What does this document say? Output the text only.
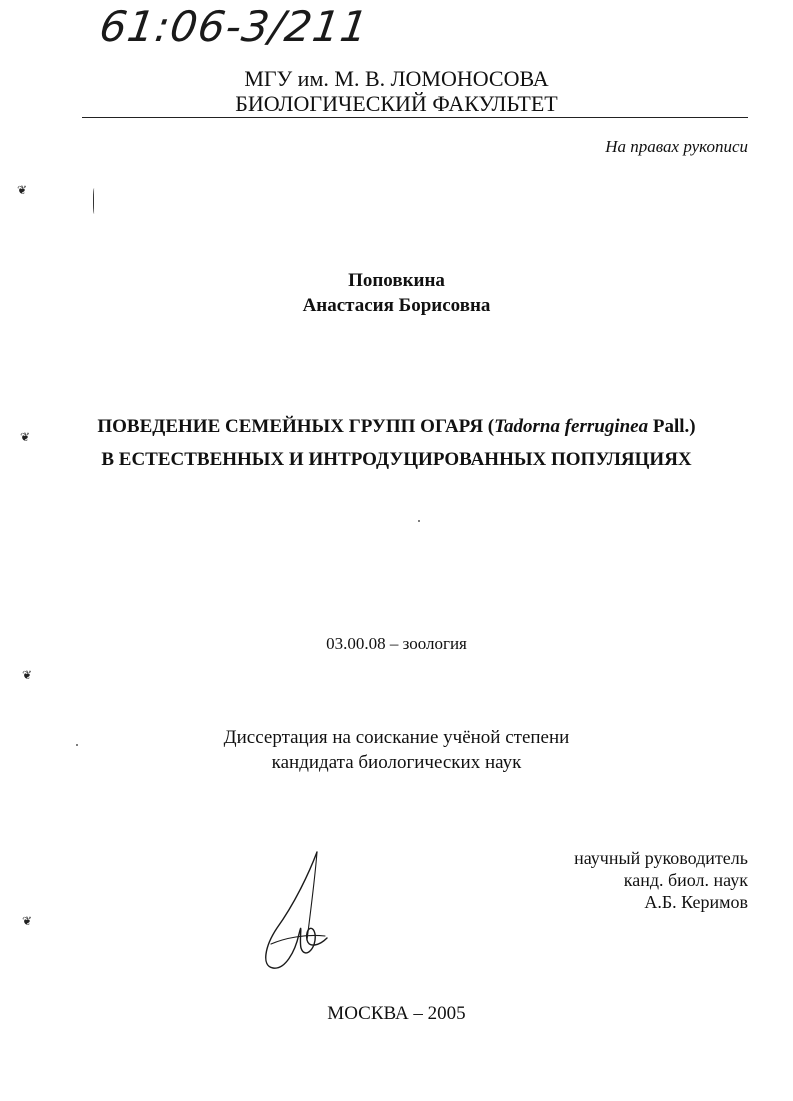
61:06-3/211
МГУ им. М. В. ЛОМОНОСОВА
БИОЛОГИЧЕСКИЙ ФАКУЛЬТЕТ
На правах рукописи
❦
❦
❦
❦
Поповкина
Анастасия Борисовна
ПОВЕДЕНИЕ СЕМЕЙНЫХ ГРУПП ОГАРЯ (Tadorna ferruginea Pall.)
В ЕСТЕСТВЕННЫХ И ИНТРОДУЦИРОВАННЫХ ПОПУЛЯЦИЯХ
03.00.08 – зоология
Диссертация на соискание учёной степени
кандидата биологических наук
научный руководитель
канд. биол. наук
А.Б. Керимов
МОСКВА – 2005
